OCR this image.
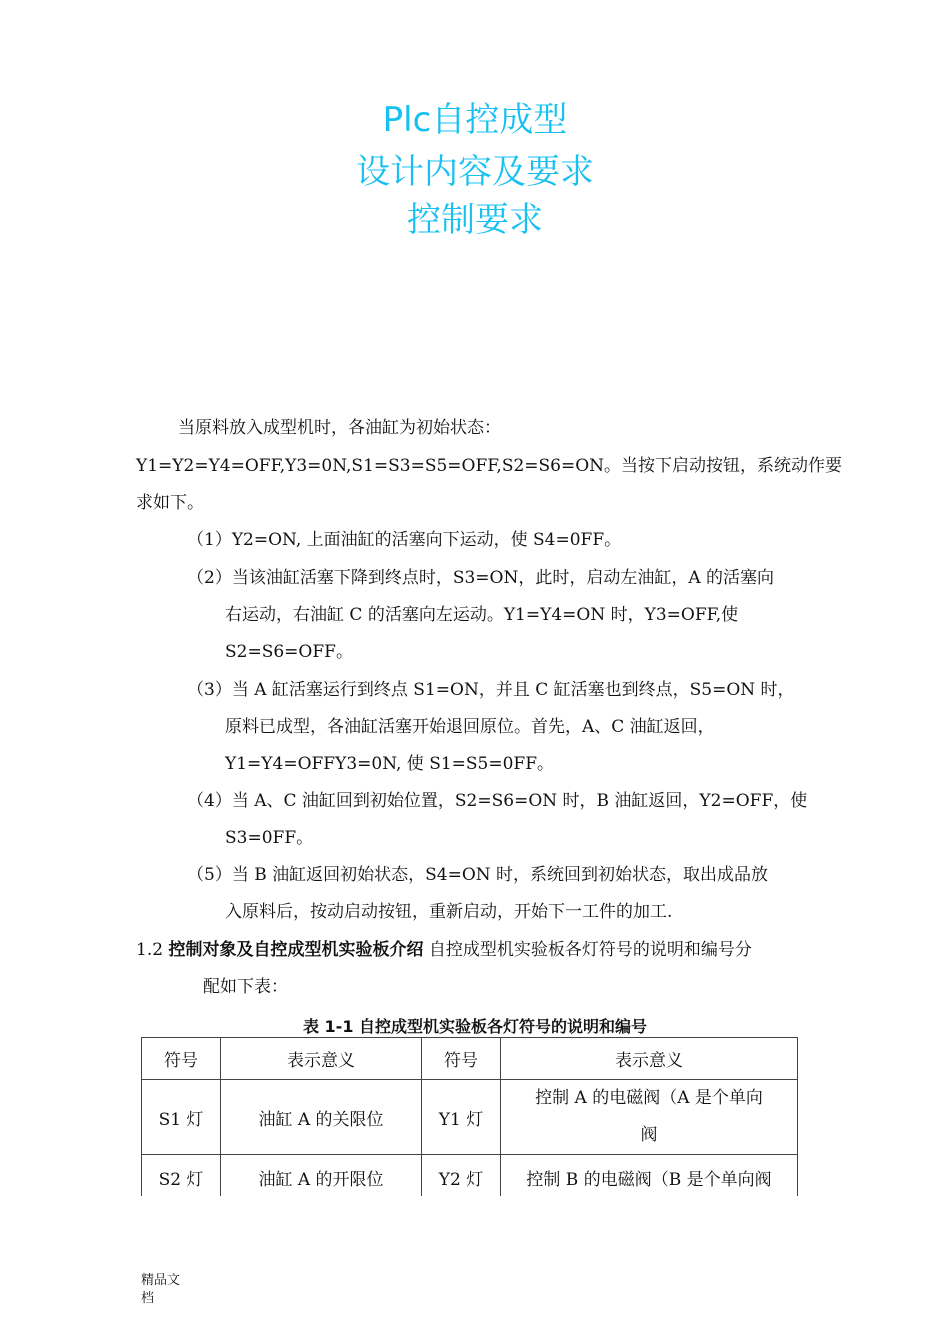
Plc自控成型
设计内容及要求
控制要求
当原料放入成型机时，各油缸为初始状态：
Y1=Y2=Y4=OFF,Y3=0N,S1=S3=S5=OFF,S2=S6=ON。当按下启动按钮，系统动作要
求如下。
（1）Y2=ON, 上面油缸的活塞向下运动，使 S4=0FF。
（2）当该油缸活塞下降到终点时，S3=ON，此时，启动左油缸，A 的活塞向
右运动，右油缸 C 的活塞向左运动。Y1=Y4=ON 时，Y3=OFF,使
S2=S6=OFF。
（3）当 A 缸活塞运行到终点 S1=ON，并且 C 缸活塞也到终点，S5=ON 时，
原料已成型，各油缸活塞开始退回原位。首先，A、C 油缸返回，
Y1=Y4=OFFY3=0N, 使 S1=S5=0FF。
（4）当 A、C 油缸回到初始位置，S2=S6=ON 时，B 油缸返回，Y2=OFF，使
S3=0FF。
（5）当 B 油缸返回初始状态，S4=ON 时，系统回到初始状态，取出成品放
入原料后，按动启动按钮，重新启动，开始下一工件的加工.
1.2 控制对象及自控成型机实验板介绍 自控成型机实验板各灯符号的说明和编号分
配如下表：
表 1-1 自控成型机实验板各灯符号的说明和编号
符号	表示意义	符号	表示意义
S1 灯	油缸 A 的关限位	Y1 灯	控制 A 的电磁阀（A 是个单向
阀

S2 灯	油缸 A 的开限位	Y2 灯	控制 B 的电磁阀（B 是个单向阀
精品文
档
